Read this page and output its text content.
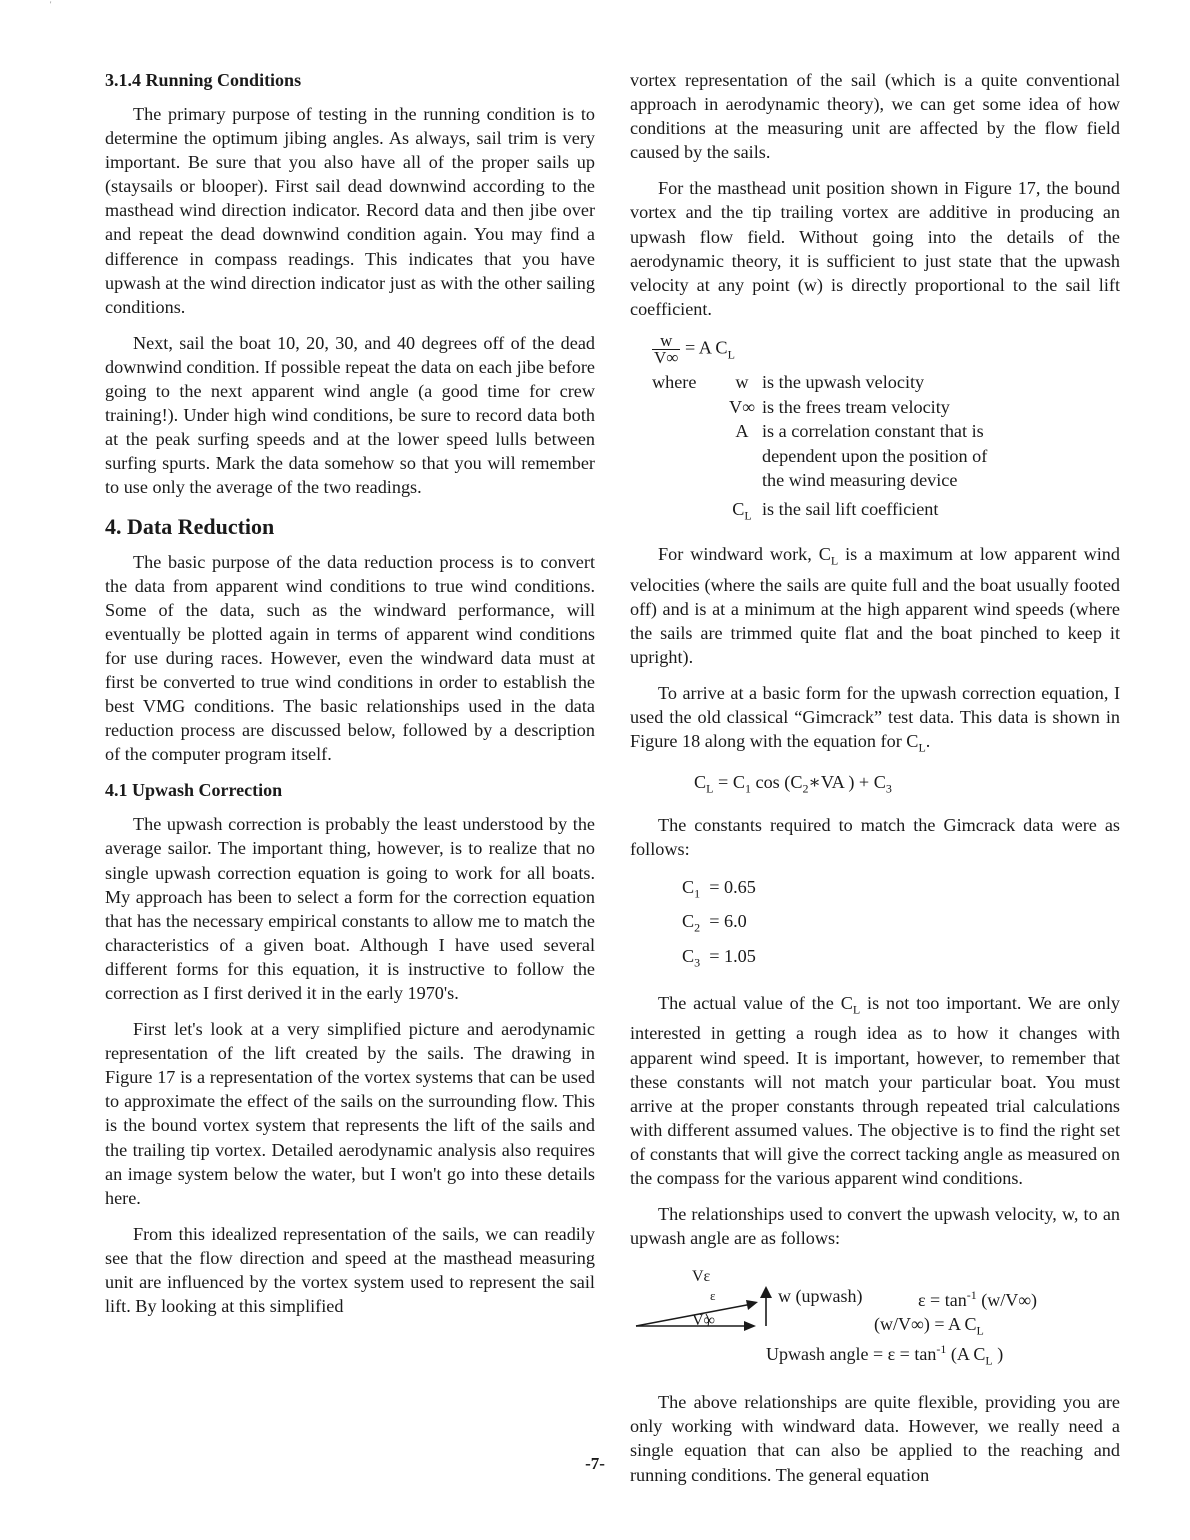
'
3.1.4 Running Conditions

The primary purpose of testing in the running condition is to determine the optimum jibing angles. As always, sail trim is very important. Be sure that you also have all of the proper sails up (staysails or blooper). First sail dead downwind according to the masthead wind direction indicator. Record data and then jibe over and repeat the dead downwind condition again. You may find a difference in compass readings. This indicates that you have upwash at the wind direction indicator just as with the other sailing conditions.

Next, sail the boat 10, 20, 30, and 40 degrees off of the dead downwind condition. If possible repeat the data on each jibe before going to the next apparent wind angle (a good time for crew training!). Under high wind conditions, be sure to record data both at the peak surfing speeds and at the lower speed lulls between surfing spurts. Mark the data somehow so that you will remember to use only the average of the two readings.

4. Data Reduction

The basic purpose of the data reduction process is to convert the data from apparent wind conditions to true wind conditions. Some of the data, such as the windward performance, will eventually be plotted again in terms of apparent wind conditions for use during races. However, even the windward data must at first be converted to true wind conditions in order to establish the best VMG conditions. The basic relationships used in the data reduction process are discussed below, followed by a description of the computer program itself.

4.1 Upwash Correction

The upwash correction is probably the least understood by the average sailor. The important thing, however, is to realize that no single upwash correction equation is going to work for all boats. My approach has been to select a form for the correction equation that has the necessary empirical constants to allow me to match the characteristics of a given boat. Although I have used several different forms for this equation, it is instructive to follow the correction as I first derived it in the early 1970's.

First let's look at a very simplified picture and aerodynamic representation of the lift created by the sails. The drawing in Figure 17 is a representation of the vortex systems that can be used to approximate the effect of the sails on the surrounding flow. This is the bound vortex system that represents the lift of the sails and the trailing tip vortex. Detailed aerodynamic analysis also requires an image system below the water, but I won't go into these details here.

From this idealized representation of the sails, we can readily see that the flow direction and speed at the masthead measuring unit are influenced by the vortex system used to represent the sail lift. By looking at this simplified

vortex representation of the sail (which is a quite conventional approach in aerodynamic theory), we can get some idea of how conditions at the measuring unit are affected by the flow field caused by the sails.

For the masthead unit position shown in Figure 17, the bound vortex and the tip trailing vortex are additive in producing an upwash flow field. Without going into the details of the aerodynamic theory, it is sufficient to just state that the upwash velocity at any point (w) is directly proportional to the sail lift coefficient.

$\frac{w}{V\infty} = A$ $C_L$
where	w is the upwash velocity
V∞ is the frees tream velocity
A is a correlation constant that is
dependent upon the position of
the wind measuring device
$C_L$ is the sail lift coefficient

For windward work, $C_L$ is a maximum at low apparent wind velocities (where the sails are quite full and the boat usually footed off) and is at a minimum at the high apparent wind speeds (where the sails are trimmed quite flat and the boat pinched to keep it upright).

To arrive at a basic form for the upwash correction equation, I used the old classical “Gimcrack” test data. This data is shown in Figure 18 along with the equation for $C_L$.

$C_L = C_1$ $\cos (C_2∗VA$ ) + $C_3$

The constants required to match the Gimcrack data were as follows:

$C_1 = 0.65$
$C_2 = 6.0$
$C_3 = 1.05$

The actual value of the $C_L$ is not too important. We are only interested in getting a rough idea as to how it changes with apparent wind speed. It is important, however, to remember that these constants will not match your particular boat. You must arrive at the proper constants through repeated trial calculations with different assumed values. The objective is to find the right set of constants that will give the correct tacking angle as measured on the compass for the various apparent wind conditions.

The relationships used to convert the upwash velocity, w, to an upwash angle are as follows:

Vε
ε
V∞
w (upwash)	$\varepsilon = \tan^{-1} (w/V\infty)$
(w/V∞) = A $C_L$
Upwash angle = $\varepsilon = \tan^{-1} (A$ $C_L$ )

The above relationships are quite flexible, providing you are only working with windward data. However, we really need a single equation that can also be applied to the reaching and running conditions. The general equation

-7-
